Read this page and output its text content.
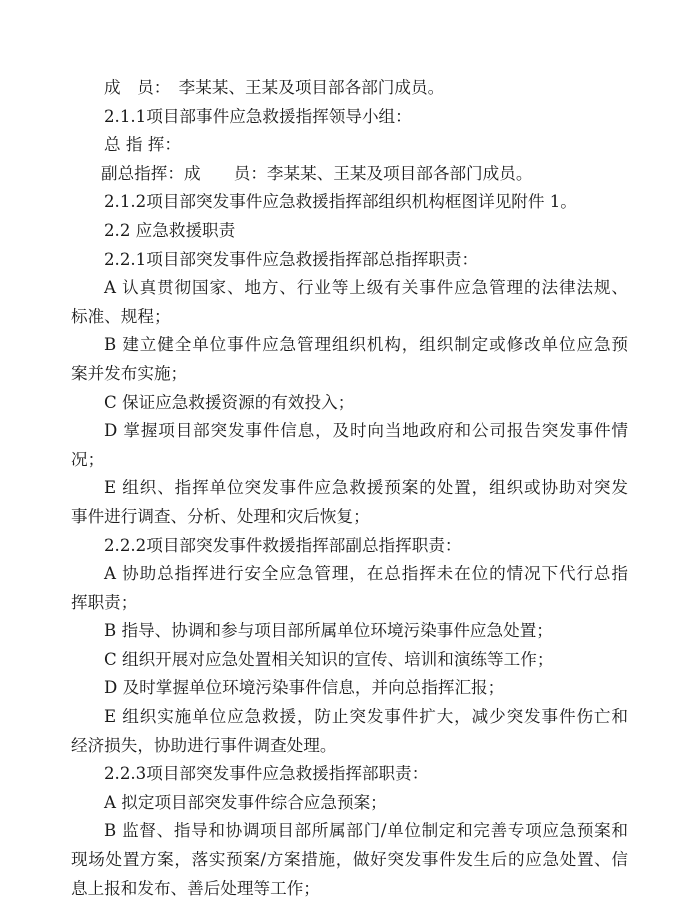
成　员：　李某某、王某及项目部各部门成员。
2.1.1项目部事件应急救援指挥领导小组：
总 指 挥：
副总指挥：成　　员：李某某、王某及项目部各部门成员。
2.1.2项目部突发事件应急救援指挥部组织机构框图详见附件 1。
2.2 应急救援职责
2.2.1项目部突发事件应急救援指挥部总指挥职责：
A 认真贯彻国家、地方、行业等上级有关事件应急管理的法律法规、
标准、规程；
B 建立健全单位事件应急管理组织机构，组织制定或修改单位应急预
案并发布实施；
C 保证应急救援资源的有效投入；
D 掌握项目部突发事件信息，及时向当地政府和公司报告突发事件情
况；
E 组织、指挥单位突发事件应急救援预案的处置，组织或协助对突发
事件进行调查、分析、处理和灾后恢复；
2.2.2项目部突发事件救援指挥部副总指挥职责：
A 协助总指挥进行安全应急管理，在总指挥未在位的情况下代行总指
挥职责；
B 指导、协调和参与项目部所属单位环境污染事件应急处置；
C 组织开展对应急处置相关知识的宣传、培训和演练等工作；
D 及时掌握单位环境污染事件信息，并向总指挥汇报；
E 组织实施单位应急救援，防止突发事件扩大，减少突发事件伤亡和
经济损失，协助进行事件调查处理。
2.2.3项目部突发事件应急救援指挥部职责：
A 拟定项目部突发事件综合应急预案；
B 监督、指导和协调项目部所属部门/单位制定和完善专项应急预案和
现场处置方案，落实预案/方案措施，做好突发事件发生后的应急处置、信
息上报和发布、善后处理等工作；
